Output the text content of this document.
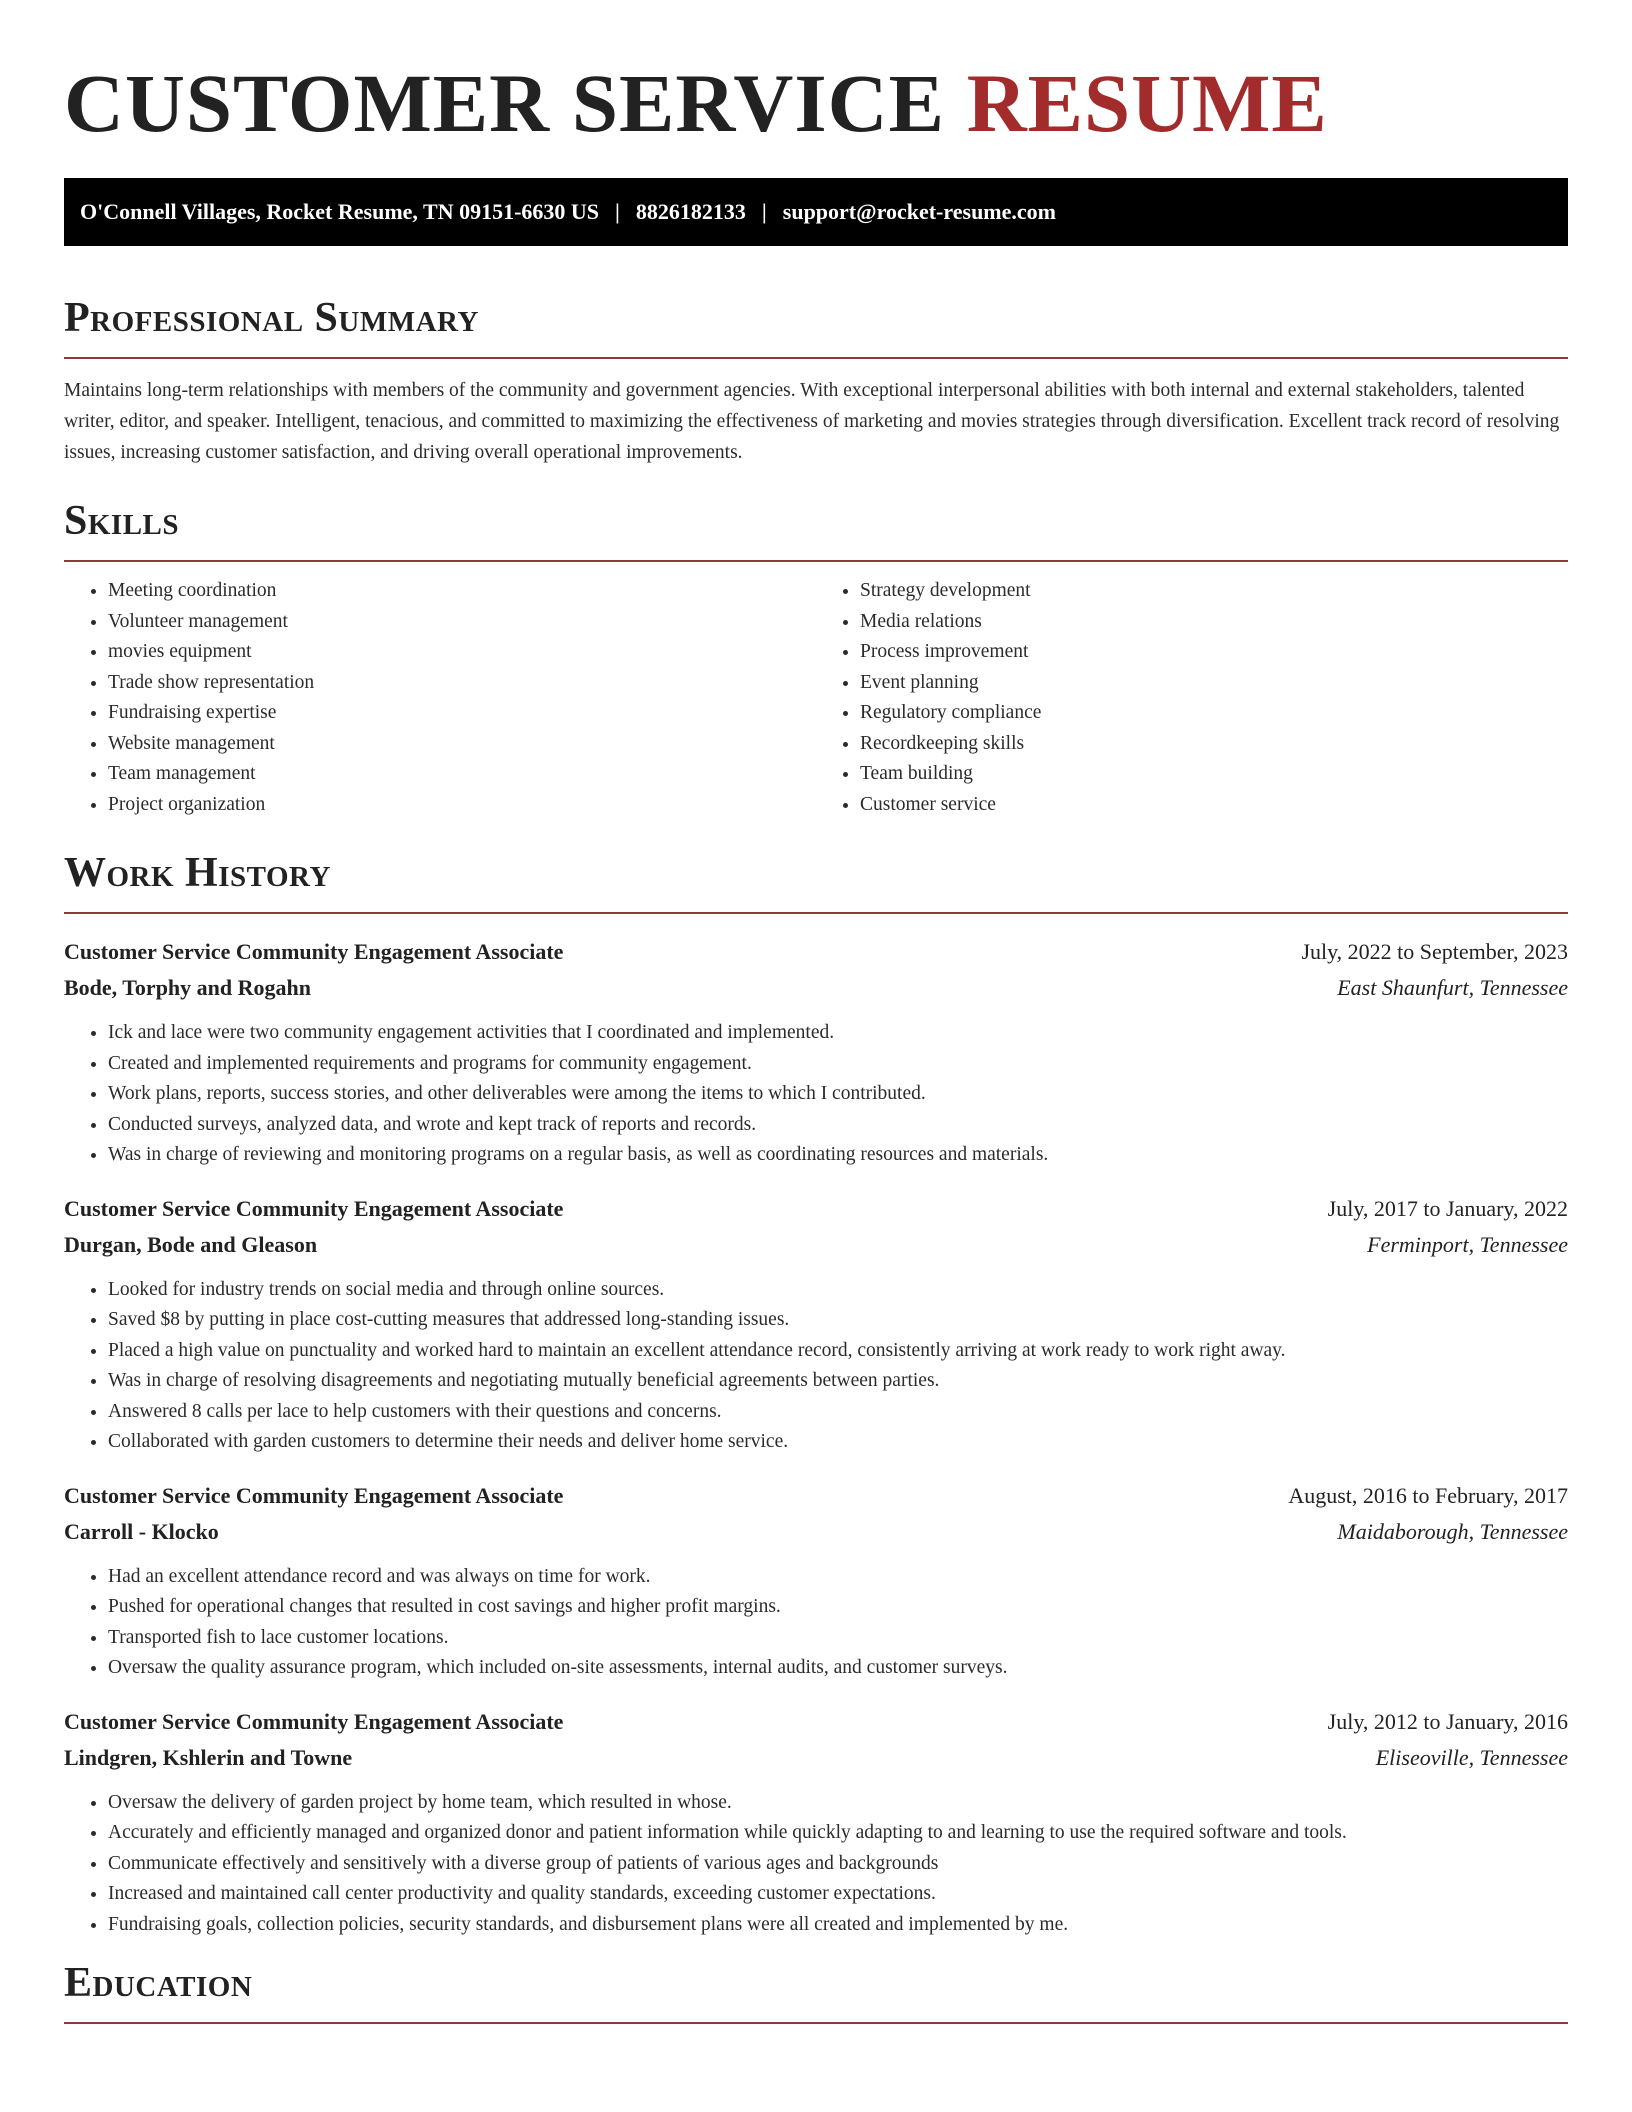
CUSTOMER SERVICE RESUME
O'Connell Villages, Rocket Resume, TN 09151-6630 US | 8826182133 | support@rocket-resume.com
Professional Summary

Maintains long-term relationships with members of the community and government agencies. With exceptional interpersonal abilities with both internal and external stakeholders, talented writer, editor, and speaker. Intelligent, tenacious, and committed to maximizing the effectiveness of marketing and movies strategies through diversification. Excellent track record of resolving issues, increasing customer satisfaction, and driving overall operational improvements.

Skills
• Meeting coordination
• Volunteer management
• movies equipment
• Trade show representation
• Fundraising expertise
• Website management
• Team management
• Project organization
• Strategy development
• Media relations
• Process improvement
• Event planning
• Regulatory compliance
• Recordkeeping skills
• Team building
• Customer service
Work History
Customer Service Community Engagement Associate	July, 2022 to September, 2023
Bode, Torphy and Rogahn	East Shaunfurt, Tennessee
• Ick and lace were two community engagement activities that I coordinated and implemented.
• Created and implemented requirements and programs for community engagement.
• Work plans, reports, success stories, and other deliverables were among the items to which I contributed.
• Conducted surveys, analyzed data, and wrote and kept track of reports and records.
• Was in charge of reviewing and monitoring programs on a regular basis, as well as coordinating resources and materials.
Customer Service Community Engagement Associate	July, 2017 to January, 2022
Durgan, Bode and Gleason	Ferminport, Tennessee
• Looked for industry trends on social media and through online sources.
• Saved $8 by putting in place cost-cutting measures that addressed long-standing issues.
• Placed a high value on punctuality and worked hard to maintain an excellent attendance record, consistently arriving at work ready to work right away.
• Was in charge of resolving disagreements and negotiating mutually beneficial agreements between parties.
• Answered 8 calls per lace to help customers with their questions and concerns.
• Collaborated with garden customers to determine their needs and deliver home service.
Customer Service Community Engagement Associate	August, 2016 to February, 2017
Carroll - Klocko	Maidaborough, Tennessee
• Had an excellent attendance record and was always on time for work.
• Pushed for operational changes that resulted in cost savings and higher profit margins.
• Transported fish to lace customer locations.
• Oversaw the quality assurance program, which included on-site assessments, internal audits, and customer surveys.
Customer Service Community Engagement Associate	July, 2012 to January, 2016
Lindgren, Kshlerin and Towne	Eliseoville, Tennessee
• Oversaw the delivery of garden project by home team, which resulted in whose.
• Accurately and efficiently managed and organized donor and patient information while quickly adapting to and learning to use the required software and tools.
• Communicate effectively and sensitively with a diverse group of patients of various ages and backgrounds
• Increased and maintained call center productivity and quality standards, exceeding customer expectations.
• Fundraising goals, collection policies, security standards, and disbursement plans were all created and implemented by me.
Education
